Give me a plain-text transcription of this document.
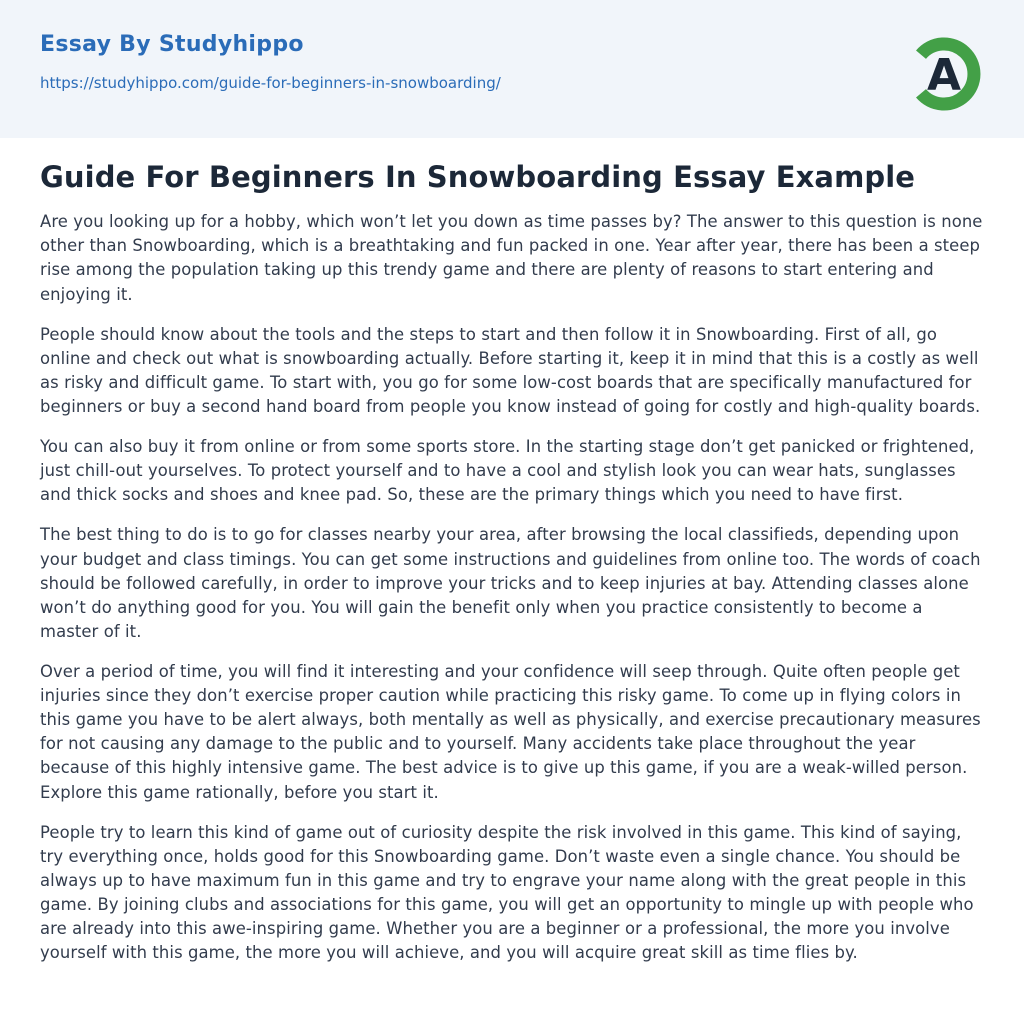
Essay By Studyhippo
https://studyhippo.com/guide-for-beginners-in-snowboarding/	A
Guide For Beginners In Snowboarding Essay Example

Are you looking up for a hobby, which won’t let you down as time passes by? The answer to this question is none other than Snowboarding, which is a breathtaking and fun packed in one. Year after year, there has been a steep rise among the population taking up this trendy game and there are plenty of reasons to start entering and enjoying it.

People should know about the tools and the steps to start and then follow it in Snowboarding. First of all, go online and check out what is snowboarding actually. Before starting it, keep it in mind that this is a costly as well as risky and difficult game. To start with, you go for some low-cost boards that are specifically manufactured for beginners or buy a second hand board from people you know instead of going for costly and high-quality boards.

You can also buy it from online or from some sports store. In the starting stage don’t get panicked or frightened, just chill-out yourselves. To protect yourself and to have a cool and stylish look you can wear hats, sunglasses and thick socks and shoes and knee pad. So, these are the primary things which you need to have first.

The best thing to do is to go for classes nearby your area, after browsing the local classifieds, depending upon your budget and class timings. You can get some instructions and guidelines from online too. The words of coach should be followed carefully, in order to improve your tricks and to keep injuries at bay. Attending classes alone won’t do anything good for you. You will gain the benefit only when you practice consistently to become a master of it.

Over a period of time, you will find it interesting and your confidence will seep through. Quite often people get injuries since they don’t exercise proper caution while practicing this risky game. To come up in flying colors in this game you have to be alert always, both mentally as well as physically, and exercise precautionary measures for not causing any damage to the public and to yourself. Many accidents take place throughout the year because of this highly intensive game. The best advice is to give up this game, if you are a weak-willed person. Explore this game rationally, before you start it.

People try to learn this kind of game out of curiosity despite the risk involved in this game. This kind of saying, try everything once, holds good for this Snowboarding game. Don’t waste even a single chance. You should be always up to have maximum fun in this game and try to engrave your name along with the great people in this game. By joining clubs and associations for this game, you will get an opportunity to mingle up with people who are already into this awe-inspiring game. Whether you are a beginner or a professional, the more you involve yourself with this game, the more you will achieve, and you will acquire great skill as time flies by.
